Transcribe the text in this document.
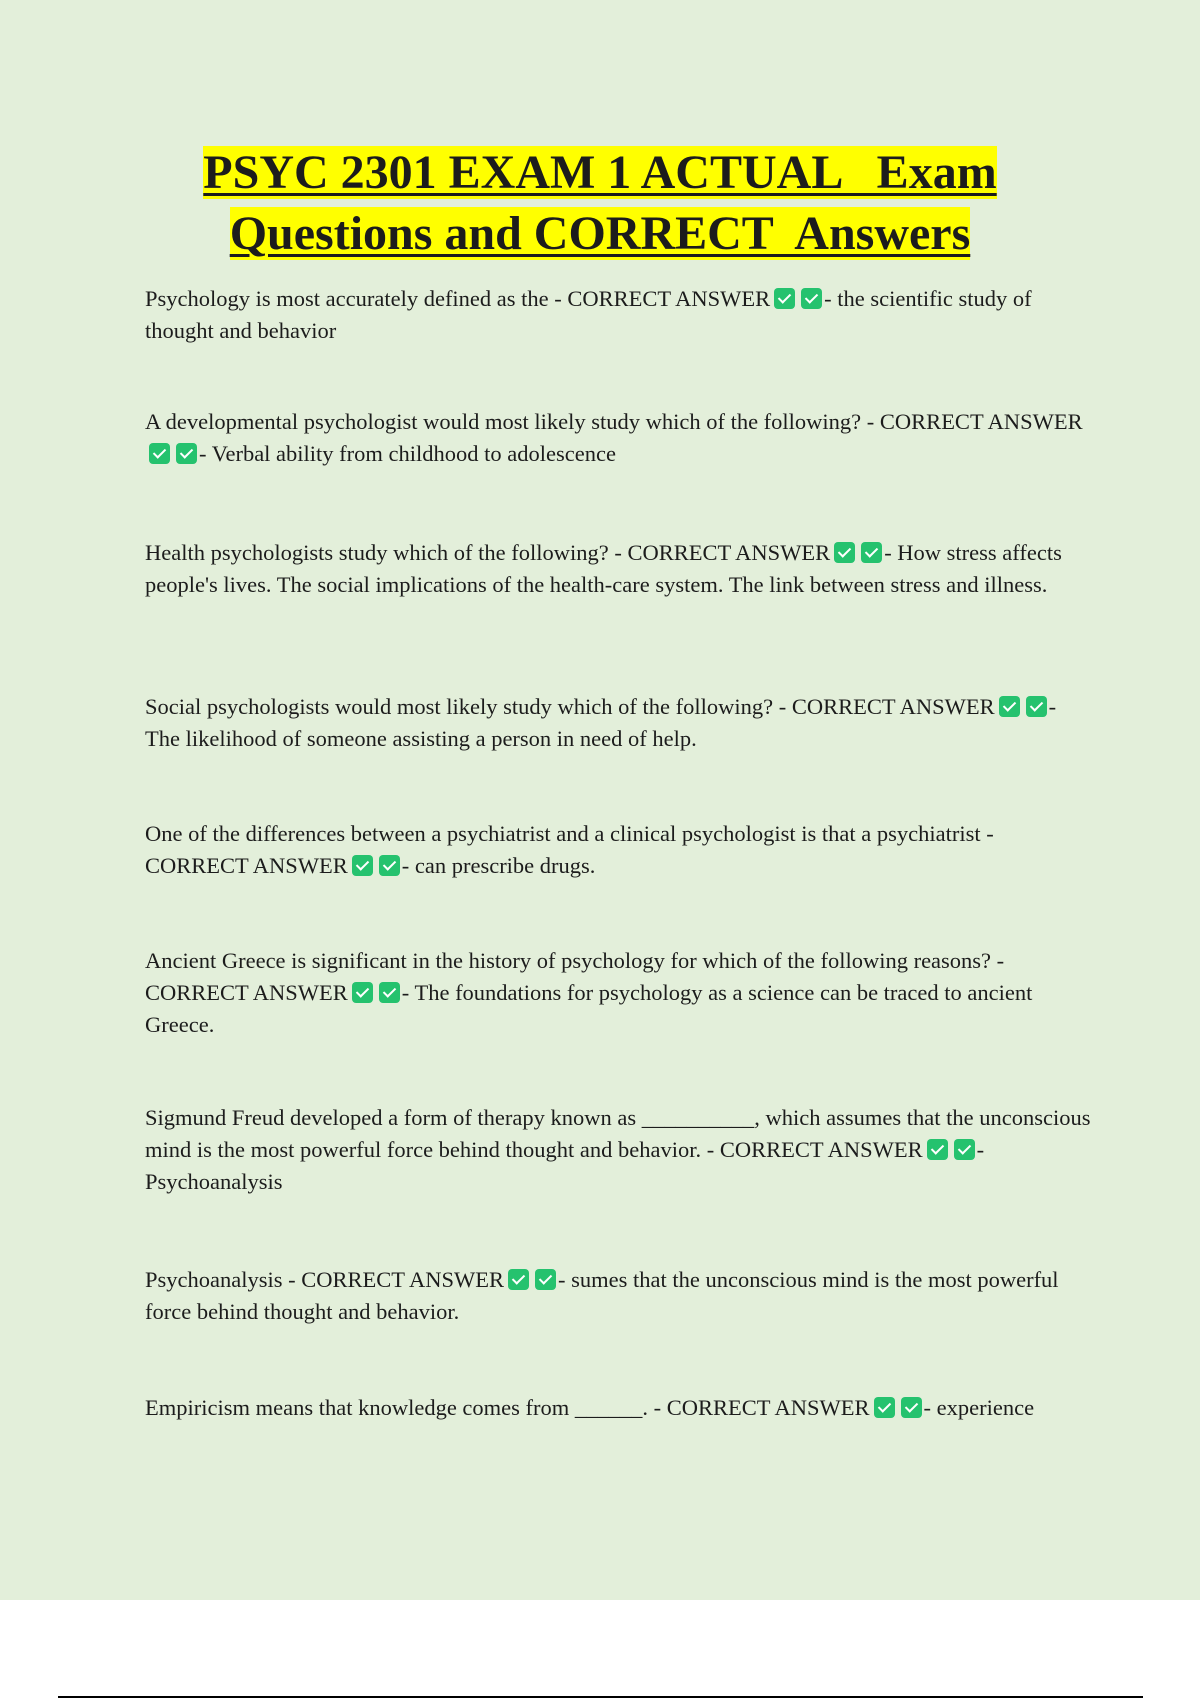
PSYC 2301 EXAM 1 ACTUAL   Exam
Questions and CORRECT  Answers

Psychology is most accurately defined as the - CORRECT ANSWER - the scientific study of thought and behavior

A developmental psychologist would most likely study which of the following? - CORRECT ANSWER- Verbal ability from childhood to adolescence

Health psychologists study which of the following? - CORRECT ANSWER - How stress affects people's lives. The social implications of the health-care system. The link between stress and illness.

Social psychologists would most likely study which of the following? - CORRECT ANSWER - The likelihood of someone assisting a person in need of help.

One of the differences between a psychiatrist and a clinical psychologist is that a psychiatrist - CORRECT ANSWER - can prescribe drugs.

Ancient Greece is significant in the history of psychology for which of the following reasons? - CORRECT ANSWER - The foundations for psychology as a science can be traced to ancient Greece.

Sigmund Freud developed a form of therapy known as __________, which assumes that the unconscious mind is the most powerful force behind thought and behavior. - CORRECT ANSWER - Psychoanalysis

Psychoanalysis - CORRECT ANSWER - sumes that the unconscious mind is the most powerful force behind thought and behavior.

Empiricism means that knowledge comes from ______. - CORRECT ANSWER - experience
